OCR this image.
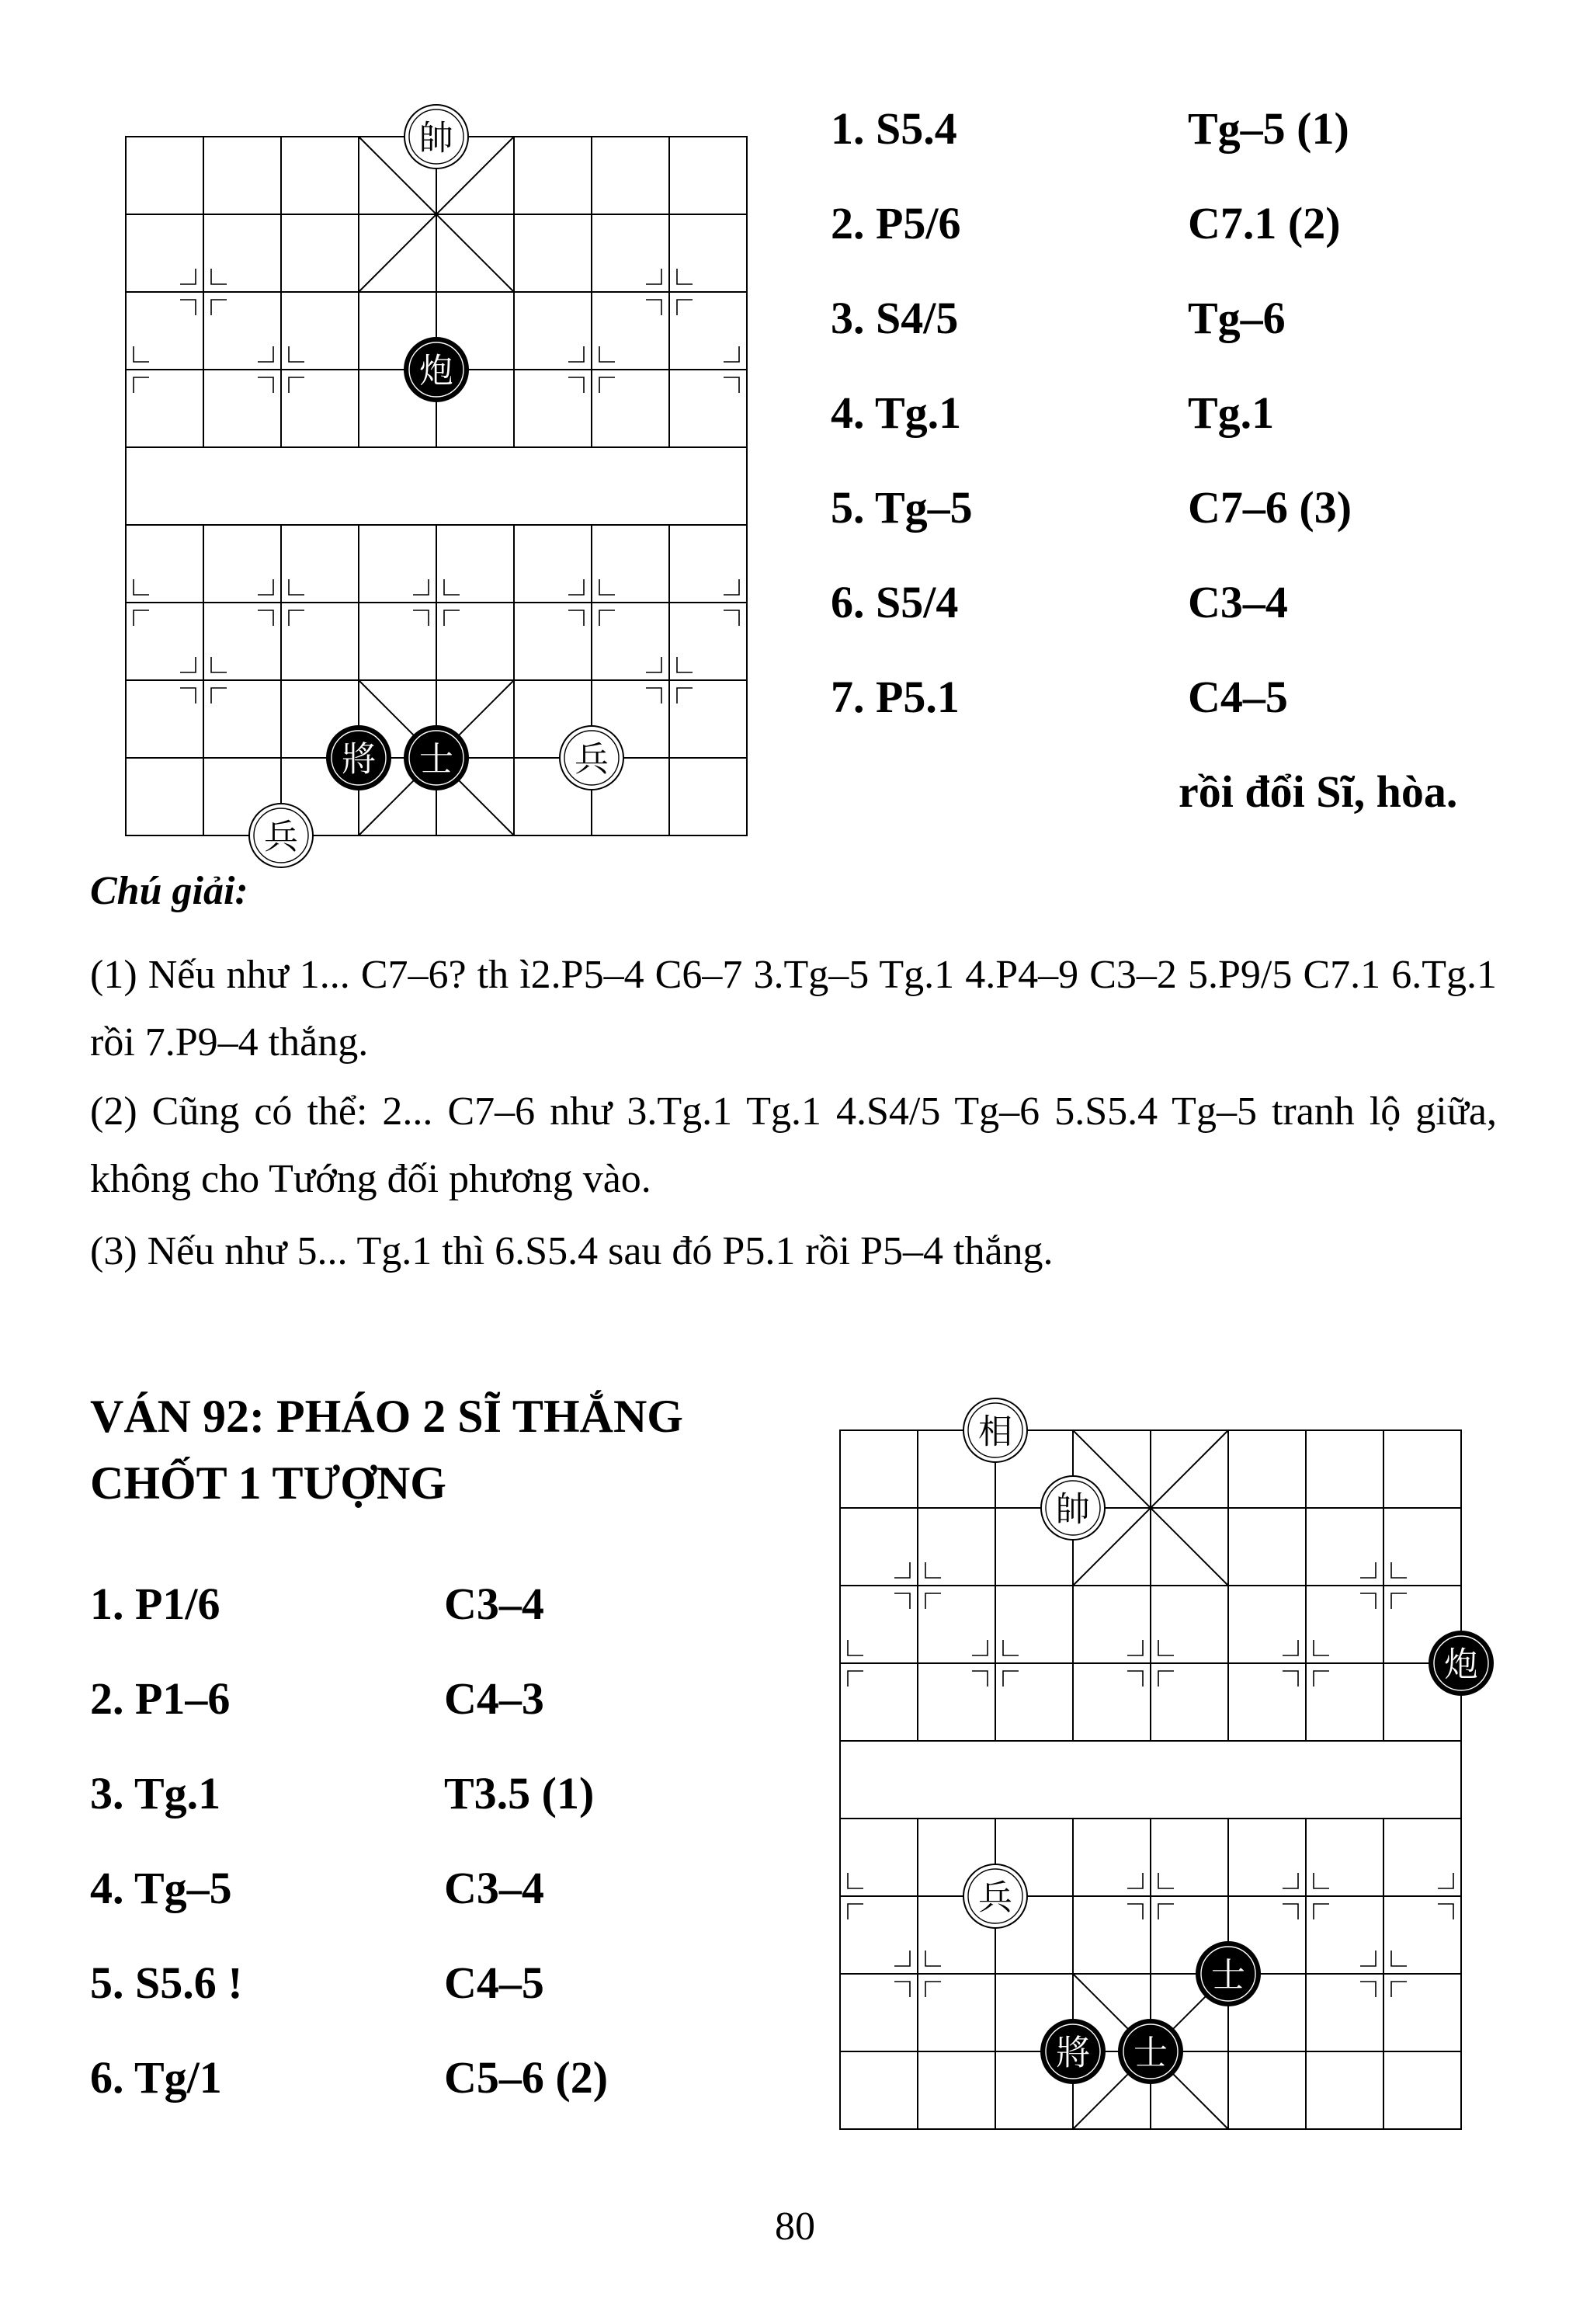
帥
炮
將 士	兵
兵
1. S5.4	Tg–5 (1)
2. P5/6	C7.1 (2)
3. S4/5	Tg–6
4. Tg.1	Tg.1
5. Tg–5	C7–6 (3)
6. S5/4	C3–4
7. P5.1	C4–5
rồi đổi Sĩ, hòa.
Chú giải:
(1) Nếu như 1... C7–6? th ì2.P5–4 C6–7 3.Tg–5 Tg.1 4.P4–9 C3–2 5.P9/5 C7.1 6.Tg.1 rồi 7.P9–4 thắng.
(2) Cũng có thể: 2... C7–6 như 3.Tg.1 Tg.1 4.S4/5 Tg–6 5.S5.4 Tg–5 tranh lộ giữa, không cho Tướng đối phương vào.
(3) Nếu như 5... Tg.1 thì 6.S5.4 sau đó P5.1 rồi P5–4 thắng.
VÁN 92: PHÁO 2 SĨ THẮNG
CHỐT 1 TƯỢNG
1. P1/6	C3–4
2. P1–6	C4–3
3. Tg.1	T3.5 (1)
4. Tg–5	C3–4
5. S5.6 !	C4–5
6. Tg/1	C5–6 (2)
相
帥
炮
兵
士
將 士
80
